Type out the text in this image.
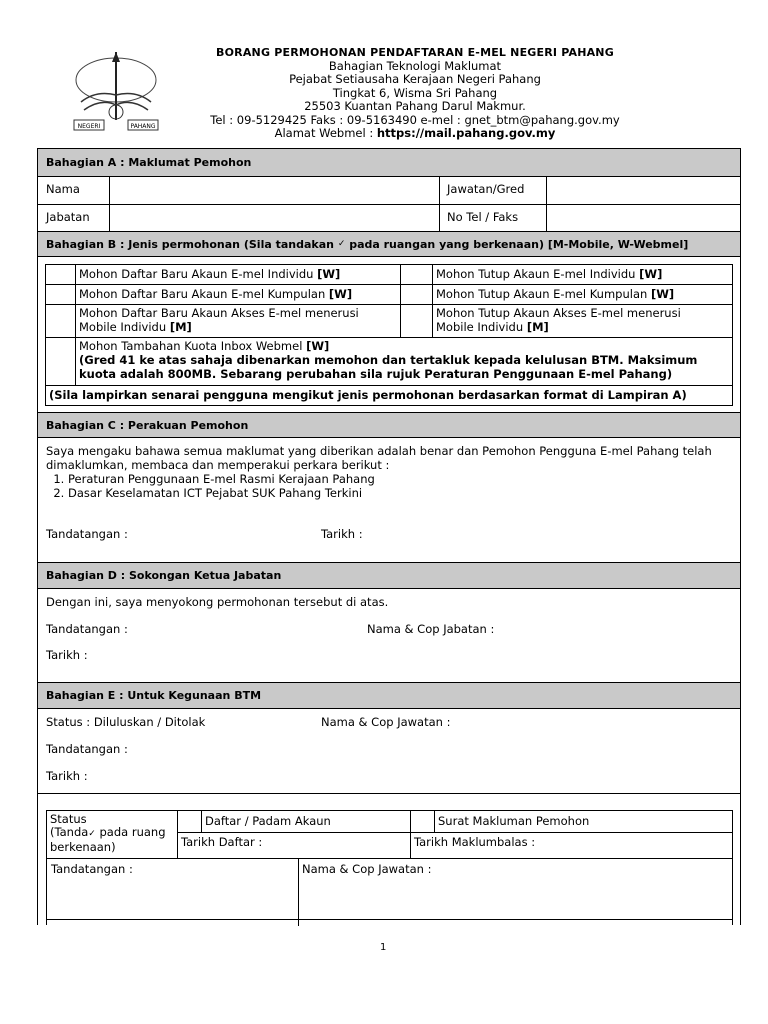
NEGERI	PAHANG
BORANG PERMOHONAN PENDAFTARAN E-MEL NEGERI PAHANG
Bahagian Teknologi Maklumat
Pejabat Setiausaha Kerajaan Negeri Pahang
Tingkat 6, Wisma Sri Pahang
25503 Kuantan Pahang Darul Makmur.
Tel : 09-5129425 Faks : 09-5163490 e-mel : gnet_btm@pahang.gov.my
Alamat Webmel : https://mail.pahang.gov.my
Bahagian A : Maklumat Pemohon
Nama	Jawatan/Gred
Jabatan	No Tel / Faks
Bahagian B : Jenis permohonan (Sila tandakan
✓
pada ruangan yang berkenaan) [M-Mobile, W-Webmel]
Mohon Daftar Baru Akaun E-mel Individu [W]	Mohon Tutup Akaun E-mel Individu [W]
Mohon Daftar Baru Akaun E-mel Kumpulan [W]	Mohon Tutup Akaun E-mel Kumpulan [W]
Mohon Daftar Baru Akaun Akses E-mel menerusi
Mobile Individu [M]
Mohon Tutup Akaun Akses E-mel menerusi
Mobile Individu [M]
Mohon Tambahan Kuota Inbox Webmel [W]
(Gred 41 ke atas sahaja dibenarkan memohon dan tertakluk kepada kelulusan BTM. Maksimum
kuota adalah 800MB. Sebarang perubahan sila rujuk Peraturan Penggunaan E-mel Pahang)
(Sila lampirkan senarai pengguna mengikut jenis permohonan berdasarkan format di Lampiran A)
Bahagian C : Perakuan Pemohon
Saya mengaku bahawa semua maklumat yang diberikan adalah benar dan Pemohon Pengguna E-mel Pahang telah
dimaklumkan, membaca dan memperakui perkara berikut :
1. Peraturan Penggunaan E-mel Rasmi Kerajaan Pahang
2. Dasar Keselamatan ICT Pejabat SUK Pahang Terkini
Tandatangan :	Tarikh :
Bahagian D : Sokongan Ketua Jabatan
Dengan ini, saya menyokong permohonan tersebut di atas.
Tandatangan :	Nama & Cop Jabatan :
Tarikh :
Bahagian E : Untuk Kegunaan BTM
Status : Diluluskan / Ditolak	Nama & Cop Jawatan :
Tandatangan :
Tarikh :
Status
(Tanda✓ pada ruang
berkenaan)
Daftar / Padam Akaun	Surat Makluman Pemohon
Tarikh Daftar :	Tarikh Maklumbalas :
Tandatangan :	Nama & Cop Jawatan :
1
